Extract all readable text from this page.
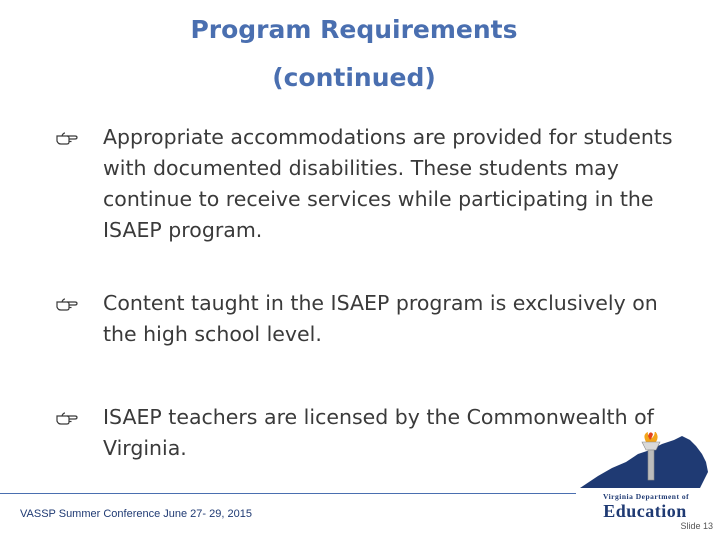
Program Requirements
(continued)
Appropriate accommodations are provided for students with documented disabilities. These students may continue to receive services while participating in the ISAEP program.
Content taught in the ISAEP program is exclusively on the high school level.
ISAEP teachers are licensed by the Commonwealth of Virginia.
VASSP Summer Conference June 27- 29, 2015
Virginia Department of
Education
Slide 13
